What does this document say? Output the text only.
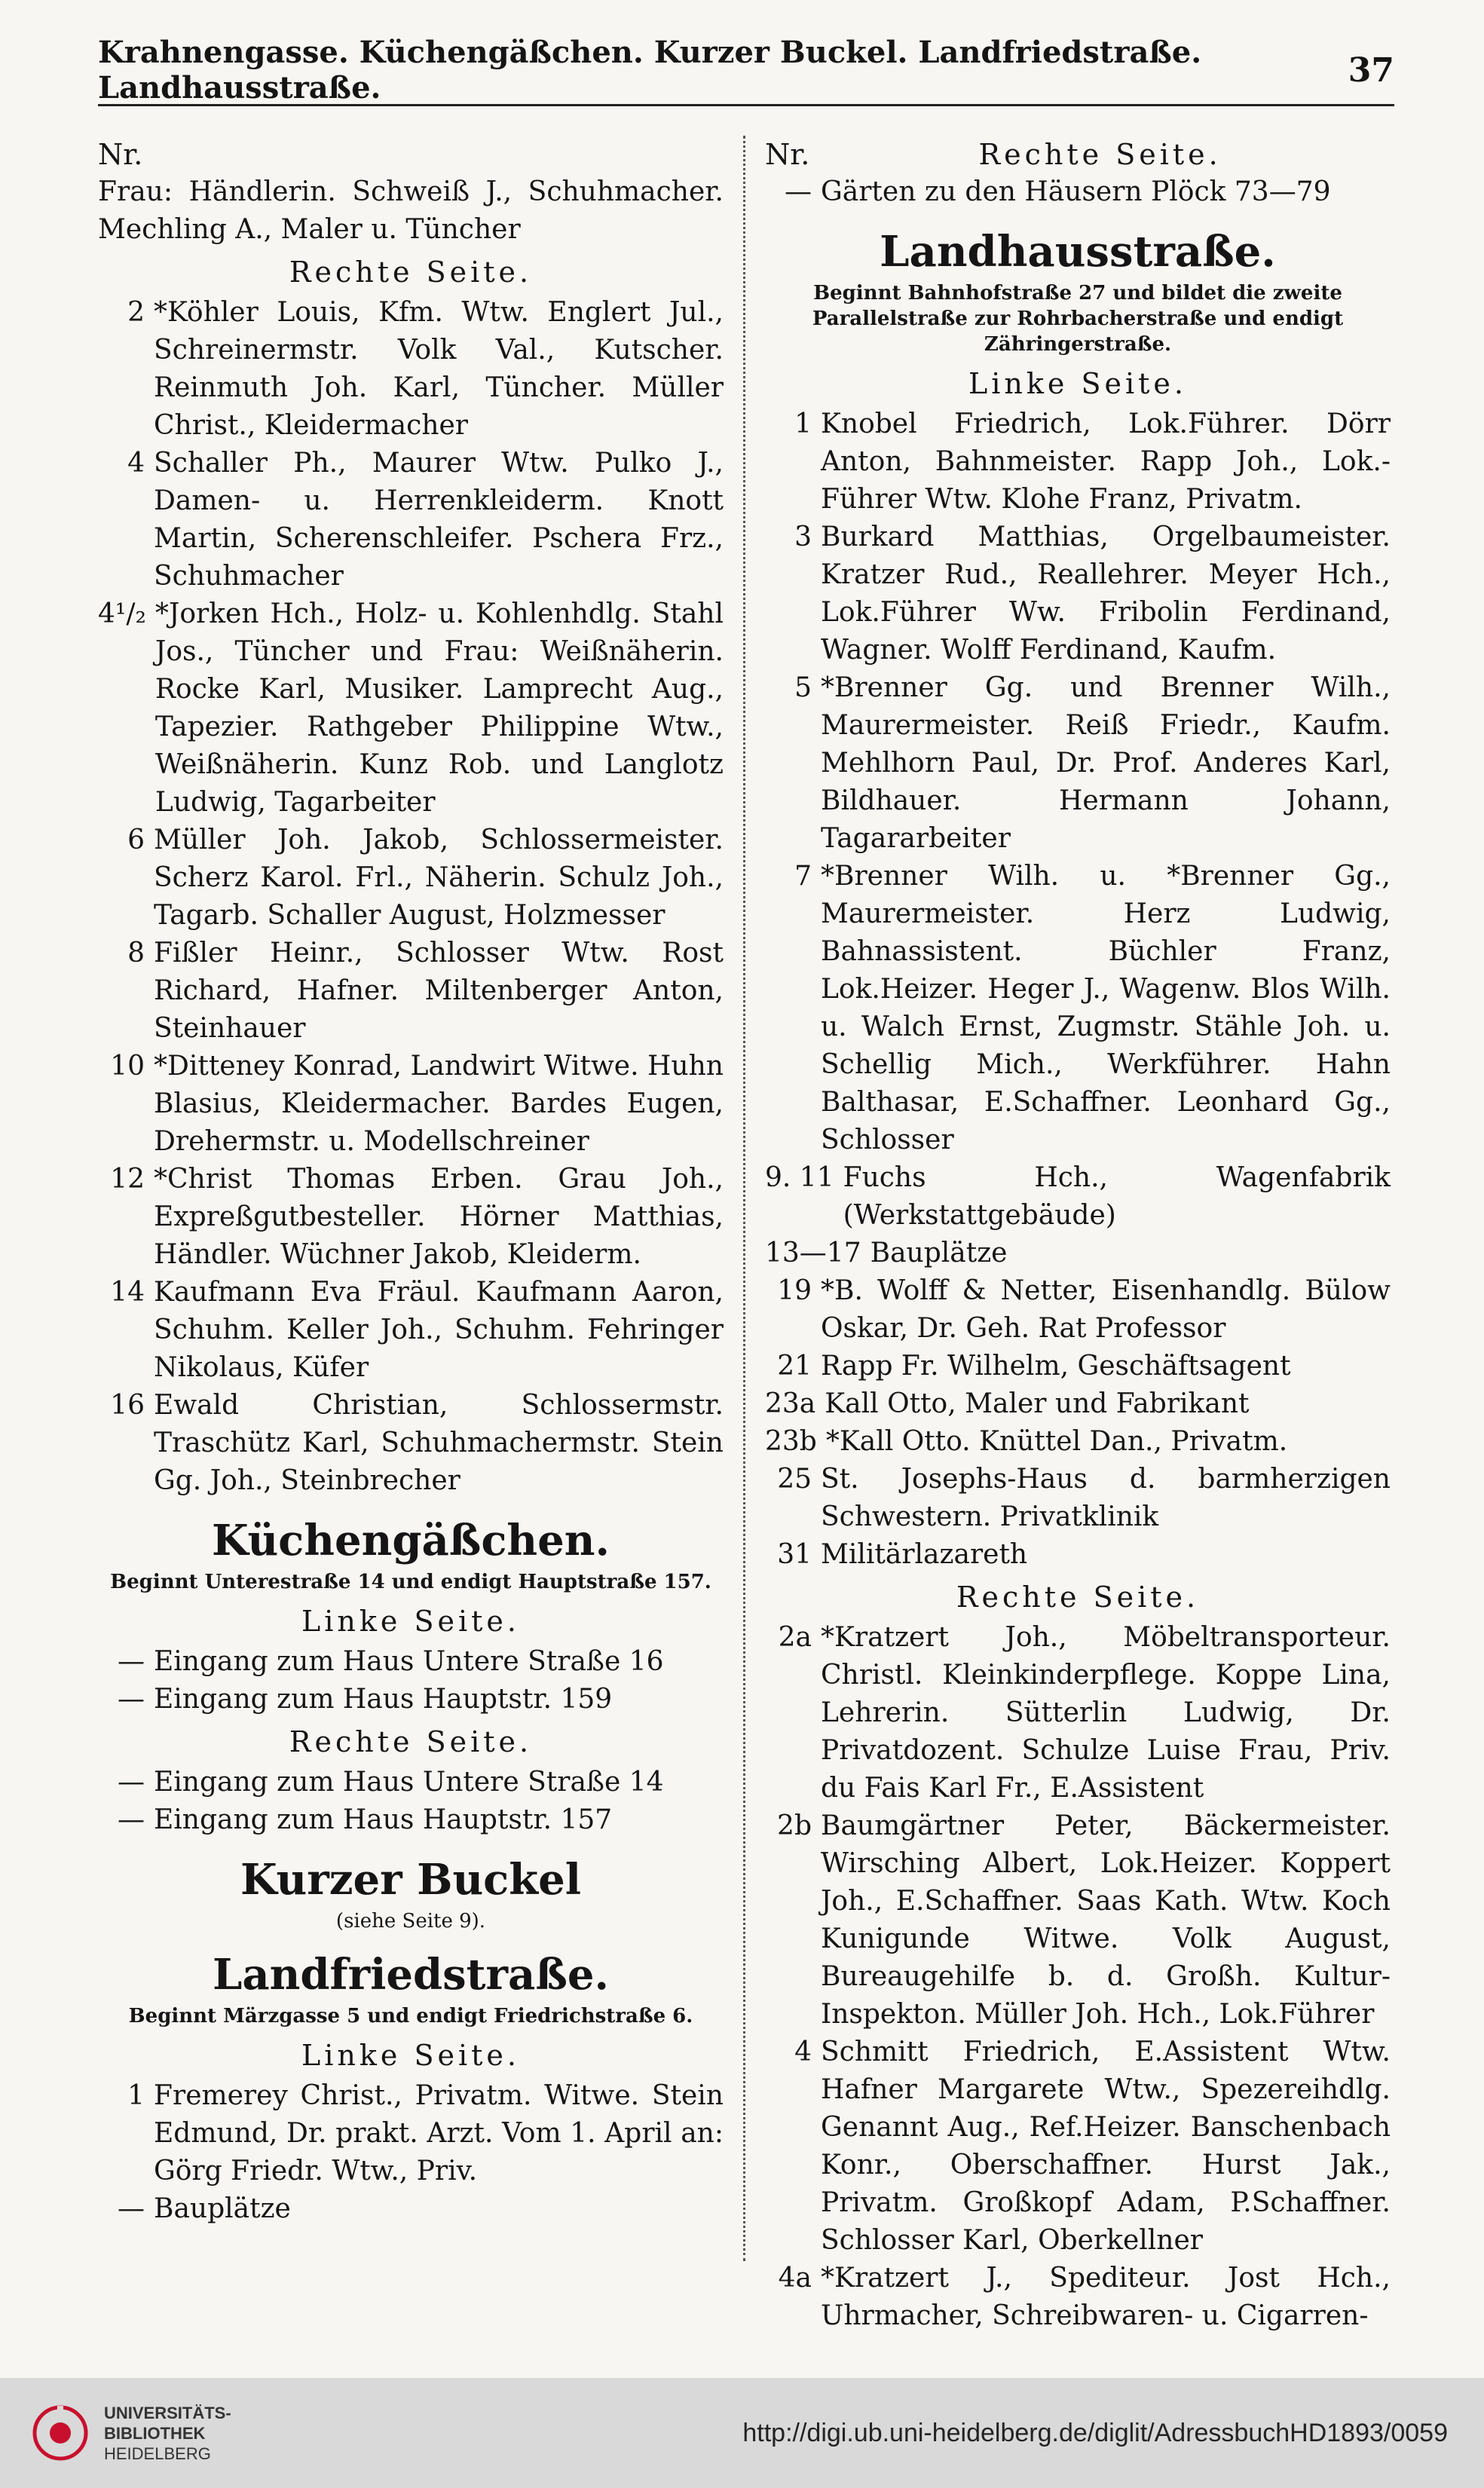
Krahnengasse. Küchengäßchen. Kurzer Buckel. Landfriedstraße. Landhausstraße.	37
Nr.
Frau: Händlerin. Schweiß J., Schuhmacher. Mechling A., Maler u. Tüncher
Rechte Seite.
2 *Köhler Louis, Kfm. Wtw. Englert Jul., Schreinermstr. Volk Val., Kutscher. Reinmuth Joh. Karl, Tüncher. Müller Christ., Kleidermacher
4 Schaller Ph., Maurer Wtw. Pulko J., Damen- u. Herrenkleiderm. Knott Martin, Scherenschleifer. Pschera Frz., Schuhmacher
4¹/₂ *Jorken Hch., Holz- u. Kohlenhdlg. Stahl Jos., Tüncher und Frau: Weißnäherin. Rocke Karl, Musiker. Lamprecht Aug., Tapezier. Rathgeber Philippine Wtw., Weißnäherin. Kunz Rob. und Langlotz Ludwig, Tagarbeiter
6 Müller Joh. Jakob, Schlossermeister. Scherz Karol. Frl., Näherin. Schulz Joh., Tagarb. Schaller August, Holzmesser
8 Fißler Heinr., Schlosser Wtw. Rost Richard, Hafner. Miltenberger Anton, Steinhauer
10 *Ditteney Konrad, Landwirt Witwe. Huhn Blasius, Kleidermacher. Bardes Eugen, Drehermstr. u. Modellschreiner
12 *Christ Thomas Erben. Grau Joh., Expreßgutbesteller. Hörner Matthias, Händler. Wüchner Jakob, Kleiderm.
14 Kaufmann Eva Fräul. Kaufmann Aaron, Schuhm. Keller Joh., Schuhm. Fehringer Nikolaus, Küfer
16 Ewald Christian, Schlossermstr. Traschütz Karl, Schuhmachermstr. Stein Gg. Joh., Steinbrecher
Küchengäßchen.
Beginnt Unterestraße 14 und endigt Hauptstraße 157.
Linke Seite.
— Eingang zum Haus Untere Straße 16
— Eingang zum Haus Hauptstr. 159
Rechte Seite.
— Eingang zum Haus Untere Straße 14
— Eingang zum Haus Hauptstr. 157
Kurzer Buckel
(siehe Seite 9).
Landfriedstraße.
Beginnt Märzgasse 5 und endigt Friedrichstraße 6.
Linke Seite.
1 Fremerey Christ., Privatm. Witwe. Stein Edmund, Dr. prakt. Arzt. Vom 1. April an: Görg Friedr. Wtw., Priv.
— Bauplätze
Nr.	Rechte Seite.
— Gärten zu den Häusern Plöck 73—79
Landhausstraße.
Beginnt Bahnhofstraße 27 und bildet die zweite Parallelstraße zur Rohrbacherstraße und endigt Zähringerstraße.
Linke Seite.
1 Knobel Friedrich, Lok.Führer. Dörr Anton, Bahnmeister. Rapp Joh., Lok.-Führer Wtw. Klohe Franz, Privatm.
3 Burkard Matthias, Orgelbaumeister. Kratzer Rud., Reallehrer. Meyer Hch., Lok.Führer Ww. Fribolin Ferdinand, Wagner. Wolff Ferdinand, Kaufm.
5 *Brenner Gg. und Brenner Wilh., Maurermeister. Reiß Friedr., Kaufm. Mehlhorn Paul, Dr. Prof. Anderes Karl, Bildhauer. Hermann Johann, Tagararbeiter
7 *Brenner Wilh. u. *Brenner Gg., Maurermeister. Herz Ludwig, Bahnassistent. Büchler Franz, Lok.Heizer. Heger J., Wagenw. Blos Wilh. u. Walch Ernst, Zugmstr. Stähle Joh. u. Schellig Mich., Werkführer. Hahn Balthasar, E.Schaffner. Leonhard Gg., Schlosser
9. 11 Fuchs Hch., Wagenfabrik (Werkstattgebäude)
13—17 Bauplätze
19 *B. Wolff & Netter, Eisenhandlg. Bülow Oskar, Dr. Geh. Rat Professor
21 Rapp Fr. Wilhelm, Geschäftsagent
23a Kall Otto, Maler und Fabrikant
23b *Kall Otto. Knüttel Dan., Privatm.
25 St. Josephs-Haus d. barmherzigen Schwestern. Privatklinik
31 Militärlazareth
Rechte Seite.
2a *Kratzert Joh., Möbeltransporteur. Christl. Kleinkinderpflege. Koppe Lina, Lehrerin. Sütterlin Ludwig, Dr. Privatdozent. Schulze Luise Frau, Priv. du Fais Karl Fr., E.Assistent
2b Baumgärtner Peter, Bäckermeister. Wirsching Albert, Lok.Heizer. Koppert Joh., E.Schaffner. Saas Kath. Wtw. Koch Kunigunde Witwe. Volk August, Bureaugehilfe b. d. Großh. Kultur-Inspekton. Müller Joh. Hch., Lok.Führer
4 Schmitt Friedrich, E.Assistent Wtw. Hafner Margarete Wtw., Spezereihdlg. Genannt Aug., Ref.Heizer. Banschenbach Konr., Oberschaffner. Hurst Jak., Privatm. Großkopf Adam, P.Schaffner. Schlosser Karl, Oberkellner
4a *Kratzert J., Spediteur. Jost Hch., Uhrmacher, Schreibwaren- u. Cigarren-
UNIVERSITÄTS-
BIBLIOTHEK
HEIDELBERG
http://digi.ub.uni-heidelberg.de/diglit/AdressbuchHD1893/0059
